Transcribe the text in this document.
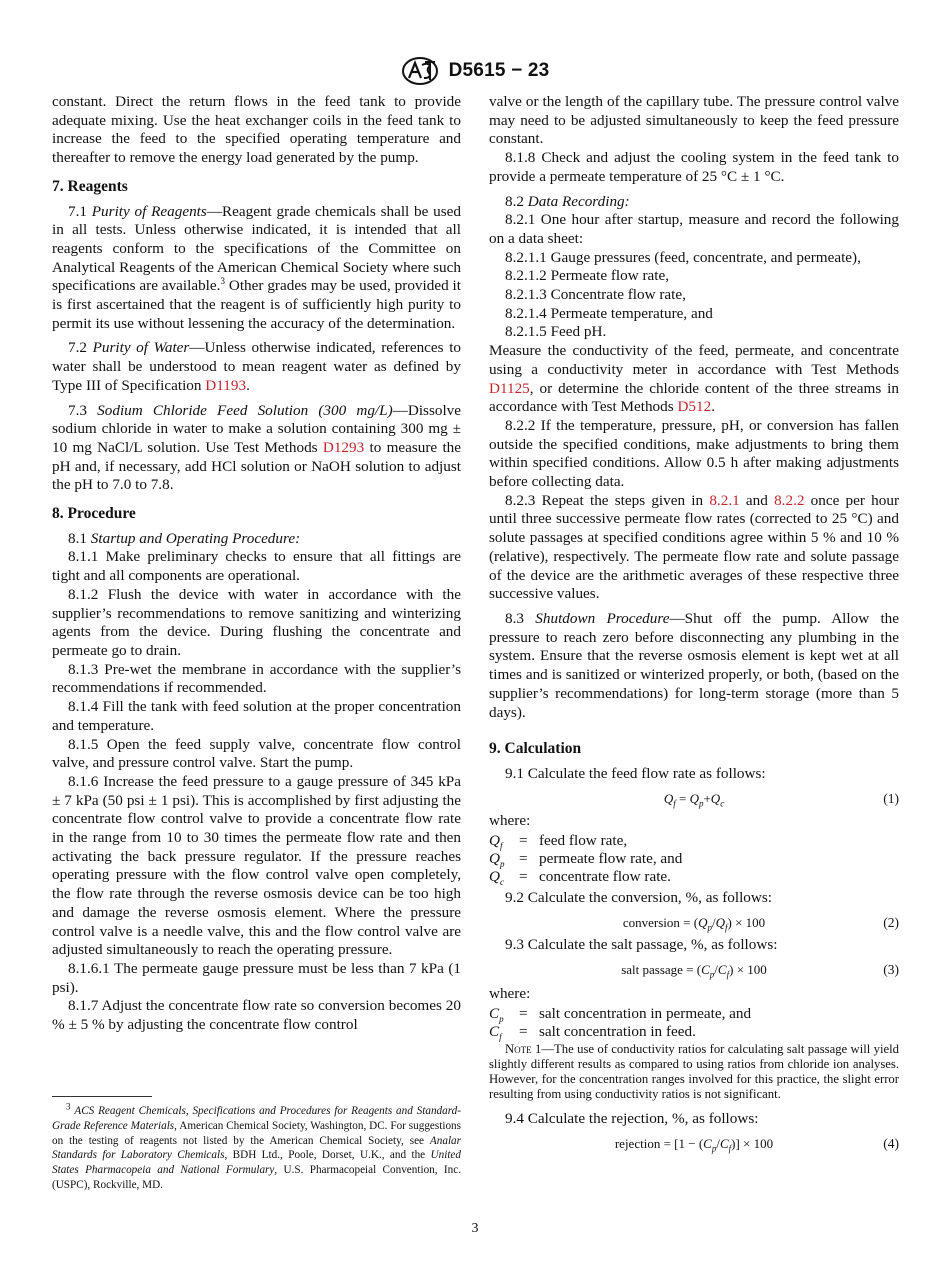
D5615 − 23

constant. Direct the return flows in the feed tank to provide adequate mixing. Use the heat exchanger coils in the feed tank to increase the feed to the specified operating temperature and thereafter to remove the energy load generated by the pump.

7. Reagents

7.1 Purity of Reagents—Reagent grade chemicals shall be used in all tests. Unless otherwise indicated, it is intended that all reagents conform to the specifications of the Committee on Analytical Reagents of the American Chemical Society where such specifications are available.$^3$ Other grades may be used, provided it is first ascertained that the reagent is of sufficiently high purity to permit its use without lessening the accuracy of the determination.

7.2 Purity of Water—Unless otherwise indicated, references to water shall be understood to mean reagent water as defined by Type III of Specification D1193.

7.3 Sodium Chloride Feed Solution (300 mg/L)—Dissolve sodium chloride in water to make a solution containing 300 mg ± 10 mg NaCl/L solution. Use Test Methods D1293 to measure the pH and, if necessary, add HCl solution or NaOH solution to adjust the pH to 7.0 to 7.8.

8. Procedure

8.1 Startup and Operating Procedure:

8.1.1 Make preliminary checks to ensure that all fittings are tight and all components are operational.

8.1.2 Flush the device with water in accordance with the supplier’s recommendations to remove sanitizing and winterizing agents from the device. During flushing the concentrate and permeate go to drain.

8.1.3 Pre-wet the membrane in accordance with the supplier’s recommendations if recommended.

8.1.4 Fill the tank with feed solution at the proper concentration and temperature.

8.1.5 Open the feed supply valve, concentrate flow control valve, and pressure control valve. Start the pump.

8.1.6 Increase the feed pressure to a gauge pressure of 345 kPa ± 7 kPa (50 psi ± 1 psi). This is accomplished by first adjusting the concentrate flow control valve to provide a concentrate flow rate in the range from 10 to 30 times the permeate flow rate and then activating the back pressure regulator. If the pressure reaches operating pressure with the flow control valve open completely, the flow rate through the reverse osmosis device can be too high and damage the reverse osmosis element. Where the pressure control valve is a needle valve, this and the flow control valve are adjusted simultaneously to reach the operating pressure.

8.1.6.1 The permeate gauge pressure must be less than 7 kPa (1 psi).

8.1.7 Adjust the concentrate flow rate so conversion becomes 20 % ± 5 % by adjusting the concentrate flow control

$^3$ ACS Reagent Chemicals, Specifications and Procedures for Reagents and Standard-Grade Reference Materials, American Chemical Society, Washington, DC. For suggestions on the testing of reagents not listed by the American Chemical Society, see Analar Standards for Laboratory Chemicals, BDH Ltd., Poole, Dorset, U.K., and the United States Pharmacopeia and National Formulary, U.S. Pharmacopeial Convention, Inc. (USPC), Rockville, MD.

valve or the length of the capillary tube. The pressure control valve may need to be adjusted simultaneously to keep the feed pressure constant.

8.1.8 Check and adjust the cooling system in the feed tank to provide a permeate temperature of 25 °C ± 1 °C.

8.2 Data Recording:

8.2.1 One hour after startup, measure and record the following on a data sheet:

8.2.1.1 Gauge pressures (feed, concentrate, and permeate),

8.2.1.2 Permeate flow rate,

8.2.1.3 Concentrate flow rate,

8.2.1.4 Permeate temperature, and

8.2.1.5 Feed pH.

Measure the conductivity of the feed, permeate, and concentrate using a conductivity meter in accordance with Test Methods D1125, or determine the chloride content of the three streams in accordance with Test Methods D512.

8.2.2 If the temperature, pressure, pH, or conversion has fallen outside the specified conditions, make adjustments to bring them within specified conditions. Allow 0.5 h after making adjustments before collecting data.

8.2.3 Repeat the steps given in 8.2.1 and 8.2.2 once per hour until three successive permeate flow rates (corrected to 25 °C) and solute passages at specified conditions agree within 5 % and 10 % (relative), respectively. The permeate flow rate and solute passage of the device are the arithmetic averages of these respective three successive values.

8.3 Shutdown Procedure—Shut off the pump. Allow the pressure to reach zero before disconnecting any plumbing in the system. Ensure that the reverse osmosis element is kept wet at all times and is sanitized or winterized properly, or both, (based on the supplier’s recommendations) for long-term storage (more than 5 days).

9. Calculation

9.1 Calculate the feed flow rate as follows:

$Q_f = Q_p+Q_c$	(1)

where:

$Q_f$	= feed flow rate,
$Q_p$ = permeate flow rate, and
$Q_c$ = concentrate flow rate.

9.2 Calculate the conversion, %, as follows:

conversion = $(Q_p/Q_f) \times 100$	(2)

9.3 Calculate the salt passage, %, as follows:

salt passage = $(C_p/C_f) \times 100$	(3)

where:

$C_p$	= salt concentration in permeate, and
$C_f$	= salt concentration in feed.

Note 1—The use of conductivity ratios for calculating salt passage will yield slightly different results as compared to using ratios from chloride ion analyses. However, for the concentration ranges involved for this practice, the slight error resulting from using conductivity ratios is not significant.

9.4 Calculate the rejection, %, as follows:

rejection = $[1 - (C_p/C_f)] \times 100$	(4)
3
